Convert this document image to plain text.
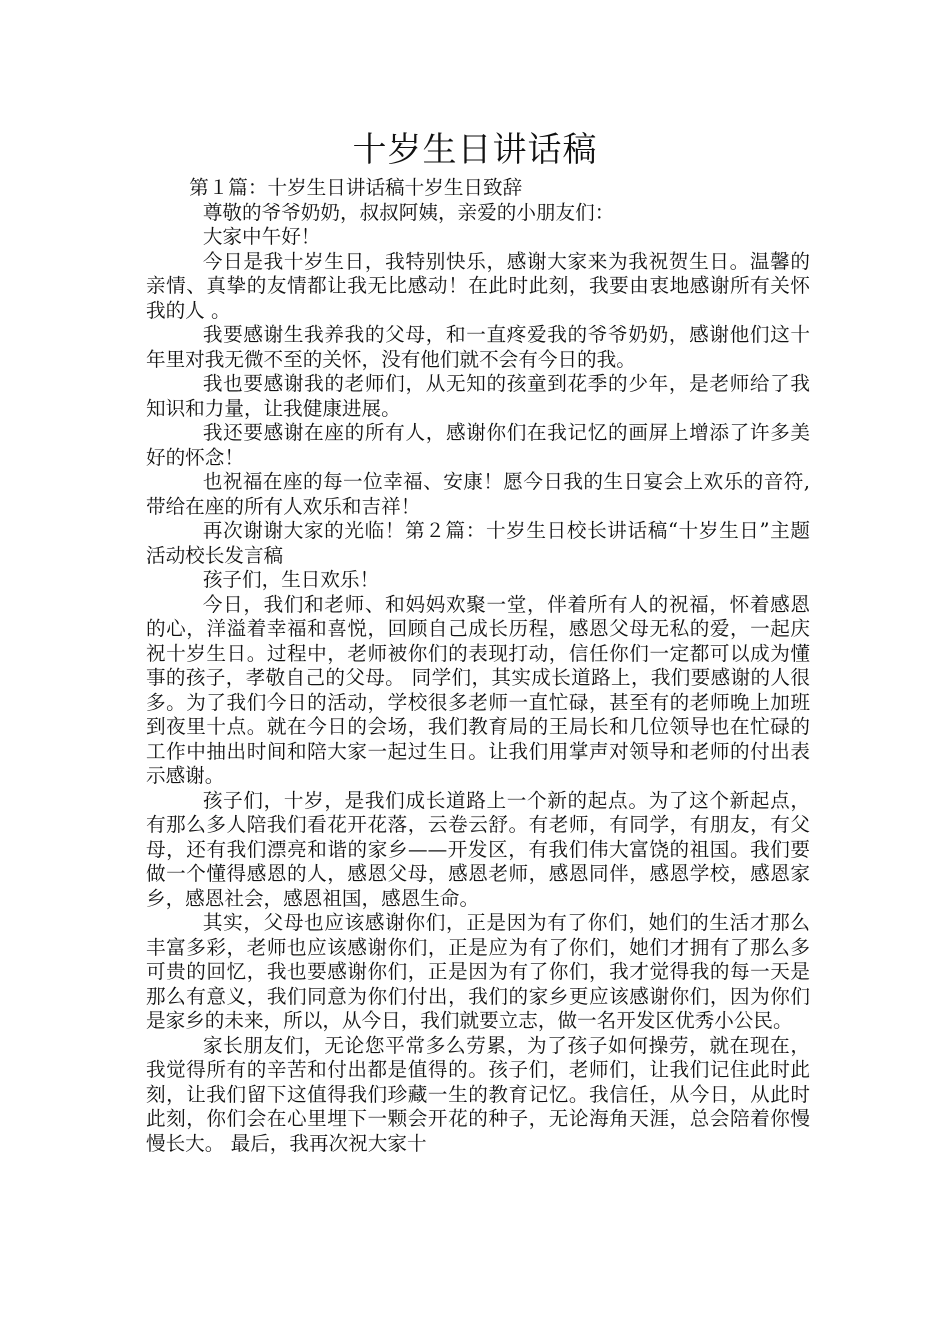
十岁生日讲话稿

第１篇：十岁生日讲话稿十岁生日致辞

尊敬的爷爷奶奶，叔叔阿姨，亲爱的小朋友们：

大家中午好！

今日是我十岁生日，我特别快乐，感谢大家来为我祝贺生日。温馨的亲情、真挚的友情都让我无比感动！在此时此刻，我要由衷地感谢所有关怀我的人 。

我要感谢生我养我的父母，和一直疼爱我的爷爷奶奶，感谢他们这十年里对我无微不至的关怀，没有他们就不会有今日的我。

我也要感谢我的老师们，从无知的孩童到花季的少年，是老师给了我知识和力量，让我健康进展。

我还要感谢在座的所有人，感谢你们在我记忆的画屏上增添了许多美好的怀念！

也祝福在座的每一位幸福、安康！愿今日我的生日宴会上欢乐的音符,带给在座的所有人欢乐和吉祥！

再次谢谢大家的光临！第２篇：十岁生日校长讲话稿“十岁生日”主题活动校长发言稿

孩子们，生日欢乐！

今日，我们和老师、和妈妈欢聚一堂，伴着所有人的祝福，怀着感恩的心，洋溢着幸福和喜悦，回顾自己成长历程，感恩父母无私的爱，一起庆祝十岁生日。过程中，老师被你们的表现打动，信任你们一定都可以成为懂事的孩子，孝敬自己的父母。 同学们，其实成长道路上，我们要感谢的人很多。为了我们今日的活动，学校很多老师一直忙碌，甚至有的老师晚上加班到夜里十点。就在今日的会场，我们教育局的王局长和几位领导也在忙碌的工作中抽出时间和陪大家一起过生日。让我们用掌声对领导和老师的付出表示感谢。

孩子们，十岁，是我们成长道路上一个新的起点。为了这个新起点，有那么多人陪我们看花开花落，云卷云舒。有老师，有同学，有朋友，有父母，还有我们漂亮和谐的家乡——开发区，有我们伟大富饶的祖国。我们要做一个懂得感恩的人，感恩父母，感恩老师，感恩同伴，感恩学校，感恩家乡，感恩社会，感恩祖国，感恩生命。

其实，父母也应该感谢你们，正是因为有了你们，她们的生活才那么丰富多彩，老师也应该感谢你们，正是应为有了你们，她们才拥有了那么多可贵的回忆，我也要感谢你们，正是因为有了你们，我才觉得我的每一天是那么有意义，我们同意为你们付出，我们的家乡更应该感谢你们，因为你们是家乡的未来，所以，从今日，我们就要立志，做一名开发区优秀小公民。

家长朋友们，无论您平常多么劳累，为了孩子如何操劳，就在现在，我觉得所有的辛苦和付出都是值得的。孩子们，老师们，让我们记住此时此刻，让我们留下这值得我们珍藏一生的教育记忆。我信任，从今日，从此时此刻，你们会在心里埋下一颗会开花的种子，无论海角天涯，总会陪着你慢慢长大。 最后，我再次祝大家十
